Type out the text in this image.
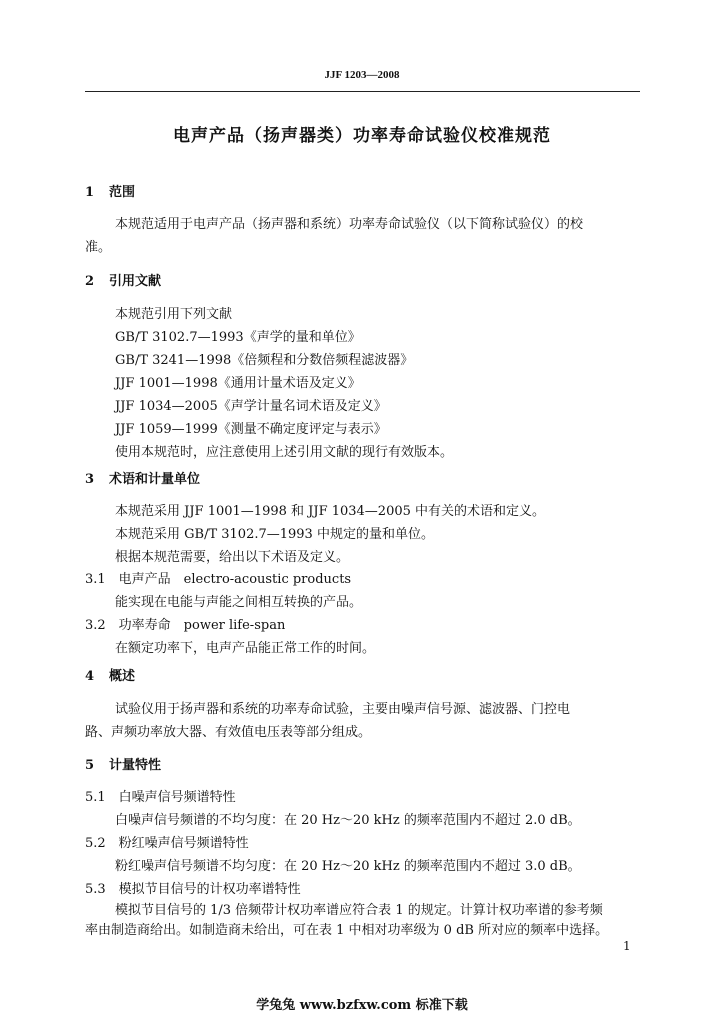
JJF 1203—2008
电声产品（扬声器类）功率寿命试验仪校准规范
1 范围
本规范适用于电声产品（扬声器和系统）功率寿命试验仪（以下简称试验仪）的校
准。
2 引用文献
本规范引用下列文献
GB/T 3102.7—1993《声学的量和单位》
GB/T 3241—1998《倍频程和分数倍频程滤波器》
JJF 1001—1998《通用计量术语及定义》
JJF 1034—2005《声学计量名词术语及定义》
JJF 1059—1999《测量不确定度评定与表示》
使用本规范时，应注意使用上述引用文献的现行有效版本。
3 术语和计量单位
本规范采用 JJF 1001—1998 和 JJF 1034—2005 中有关的术语和定义。
本规范采用 GB/T 3102.7—1993 中规定的量和单位。
根据本规范需要，给出以下术语及定义。
3.1　电声产品　electro-acoustic products
能实现在电能与声能之间相互转换的产品。
3.2　功率寿命　power life-span
在额定功率下，电声产品能正常工作的时间。
4 概述
试验仪用于扬声器和系统的功率寿命试验，主要由噪声信号源、滤波器、门控电
路、声频功率放大器、有效值电压表等部分组成。
5 计量特性
5.1　白噪声信号频谱特性
白噪声信号频谱的不均匀度：在 20 Hz～20 kHz 的频率范围内不超过 2.0 dB。
5.2　粉红噪声信号频谱特性
粉红噪声信号频谱不均匀度：在 20 Hz～20 kHz 的频率范围内不超过 3.0 dB。
5.3　模拟节目信号的计权功率谱特性
模拟节目信号的 1/3 倍频带计权功率谱应符合表 1 的规定。计算计权功率谱的参考频
率由制造商给出。如制造商未给出，可在表 1 中相对功率级为 0 dB 所对应的频率中选择。
1
学兔兔 www.bzfxw.com 标准下载
